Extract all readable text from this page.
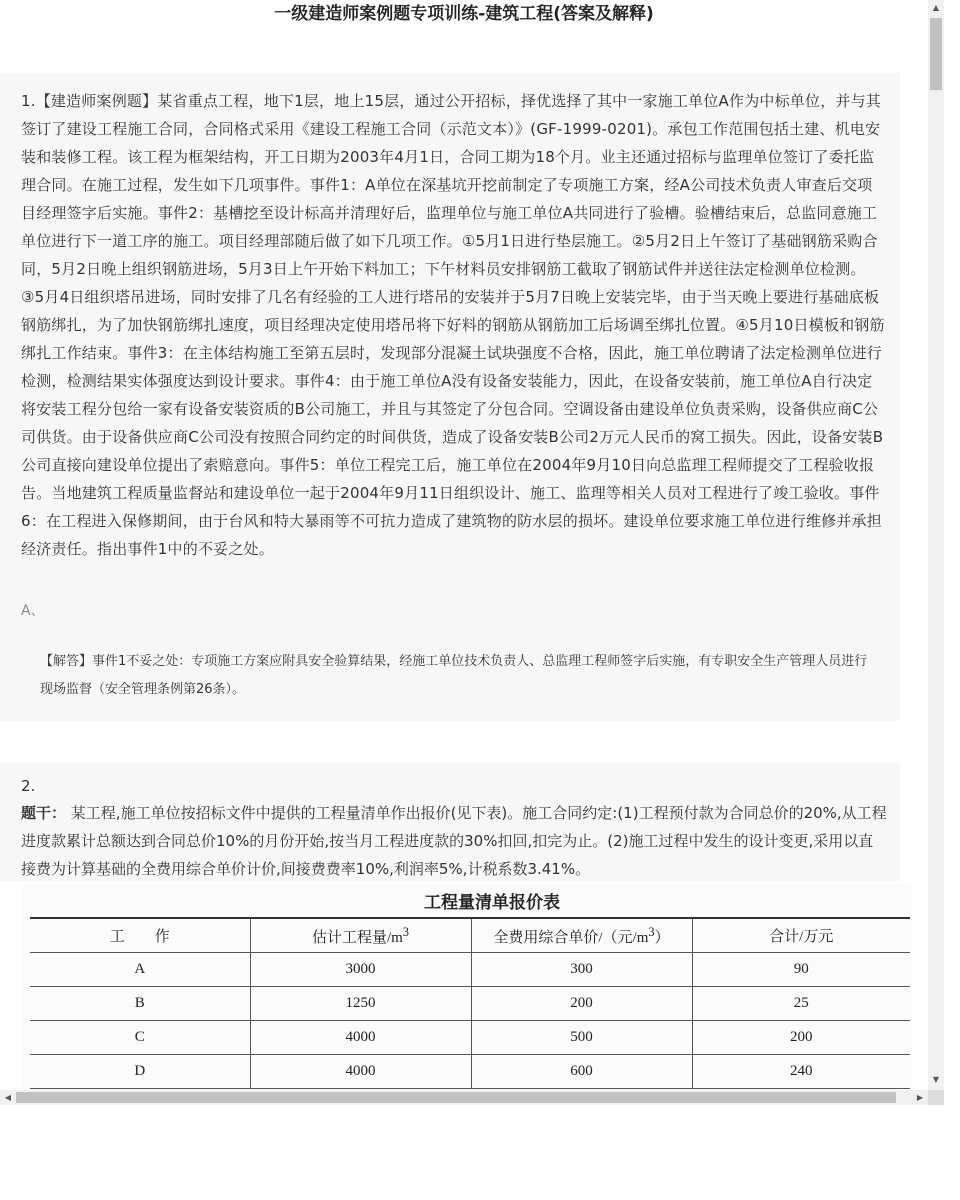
一级建造师案例题专项训练-建筑工程(答案及解释)

1.【建造师案例题】某省重点工程，地下1层，地上15层，通过公开招标，择优选择了其中一家施工单位A作为中标单位，并与其签订了建设工程施工合同，合同格式采用《建设工程施工合同（示范文本）》(GF-1999-0201)。承包工作范围包括土建、机电安装和装修工程。该工程为框架结构，开工日期为2003年4月1日，合同工期为18个月。业主还通过招标与监理单位签订了委托监理合同。在施工过程，发生如下几项事件。事件1：A单位在深基坑开挖前制定了专项施工方案，经A公司技术负责人审查后交项目经理签字后实施。事件2：基槽挖至设计标高并清理好后，监理单位与施工单位A共同进行了验槽。验槽结束后，总监同意施工单位进行下一道工序的施工。项目经理部随后做了如下几项工作。①5月1日进行垫层施工。②5月2日上午签订了基础钢筋采购合同，5月2日晚上组织钢筋进场，5月3日上午开始下料加工；下午材料员安排钢筋工截取了钢筋试件并送往法定检测单位检测。③5月4日组织塔吊进场，同时安排了几名有经验的工人进行塔吊的安装并于5月7日晚上安装完毕，由于当天晚上要进行基础底板钢筋绑扎，为了加快钢筋绑扎速度，项目经理决定使用塔吊将下好料的钢筋从钢筋加工后场调至绑扎位置。④5月10日模板和钢筋绑扎工作结束。事件3：在主体结构施工至第五层时，发现部分混凝土试块强度不合格，因此，施工单位聘请了法定检测单位进行检测，检测结果实体强度达到设计要求。事件4：由于施工单位A没有设备安装能力，因此，在设备安装前，施工单位A自行决定将安装工程分包给一家有设备安装资质的B公司施工，并且与其签定了分包合同。空调设备由建设单位负责采购，设备供应商C公司供货。由于设备供应商C公司没有按照合同约定的时间供货，造成了设备安装B公司2万元人民币的窝工损失。因此，设备安装B公司直接向建设单位提出了索赔意向。事件5：单位工程完工后，施工单位在2004年9月10日向总监理工程师提交了工程验收报告。当地建筑工程质量监督站和建设单位一起于2004年9月11日组织设计、施工、监理等相关人员对工程进行了竣工验收。事件6：在工程进入保修期间，由于台风和特大暴雨等不可抗力造成了建筑物的防水层的损坏。建设单位要求施工单位进行维修并承担经济责任。指出事件1中的不妥之处。

A、

【解答】事件1不妥之处：专项施工方案应附具安全验算结果，经施工单位技术负责人、总监理工程师签字后实施，有专职安全生产管理人员进行现场监督（安全管理条例第26条）。

2.

题干： 某工程,施工单位按招标文件中提供的工程量清单作出报价(见下表)。施工合同约定:(1)工程预付款为合同总价的20%,从工程进度款累计总额达到合同总价10%的月份开始,按当月工程进度款的30%扣回,扣完为止。(2)施工过程中发生的设计变更,采用以直接费为计算基础的全费用综合单价计价,间接费费率10%,利润率5%,计税系数3.41%。

工程量清单报价表
工　　作	估计工程量$/m^3$	全费用综合单价/（元$/m^3$）	合计/万元
A	3000	300	90
B	1250	200	25
C	4000	500	200
D	4000	600	240
▲
▼
◀	▶
